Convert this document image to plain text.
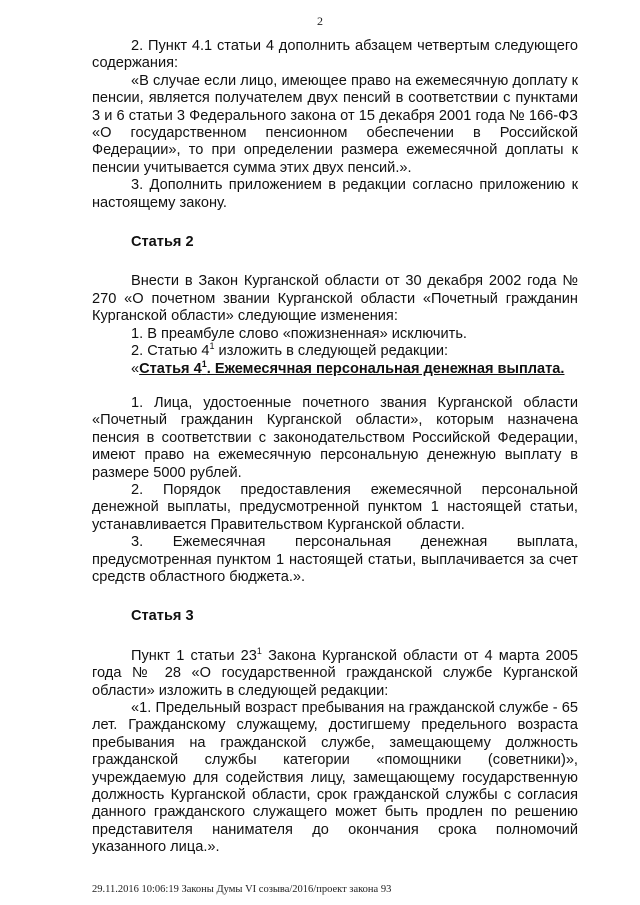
2

2. Пункт 4.1 статьи 4 дополнить абзацем четвертым следующего содержания:

«В случае если лицо, имеющее право на ежемесячную доплату к пенсии, является получателем двух пенсий в соответствии с пунктами 3 и 6 статьи 3 Федерального закона от 15 декабря 2001 года № 166-ФЗ «О государственном пенсионном обеспечении в Российской Федерации», то при определении размера ежемесячной доплаты к пенсии учитывается сумма этих двух пенсий.».

3. Дополнить приложением в редакции согласно приложению к настоящему закону.

Статья 2

Внести в Закон Курганской области от 30 декабря 2002 года № 270 «О почетном звании Курганской области «Почетный гражданин Курганской области» следующие изменения:

1. В преамбуле слово «пожизненная» исключить.

2. Статью $4^1$ изложить в следующей редакции:

«Статья $4^1$. Ежемесячная персональная денежная выплата.

1. Лица, удостоенные почетного звания Курганской области «Почетный гражданин Курганской области», которым назначена пенсия в соответствии с законодательством Российской Федерации, имеют право на ежемесячную персональную денежную выплату в размере 5000 рублей.

2. Порядок предоставления ежемесячной персональной денежной выплаты, предусмотренной пунктом 1 настоящей статьи, устанавливается Правительством Курганской области.

3. Ежемесячная персональная денежная выплата, предусмотренная пунктом 1 настоящей статьи, выплачивается за счет средств областного бюджета.».

Статья 3

Пункт 1 статьи $23^1$ Закона Курганской области от 4 марта 2005 года № 28 «О государственной гражданской службе Курганской области» изложить в следующей редакции:

«1. Предельный возраст пребывания на гражданской службе - 65 лет. Гражданскому служащему, достигшему предельного возраста пребывания на гражданской службе, замещающему должность гражданской службы категории «помощники (советники)», учреждаемую для содействия лицу, замещающему государственную должность Курганской области, срок гражданской службы с согласия данного гражданского служащего может быть продлен по решению представителя нанимателя до окончания срока полномочий указанного лица.».

29.11.2016 10:06:19 Законы Думы VI созыва/2016/проект закона 93
